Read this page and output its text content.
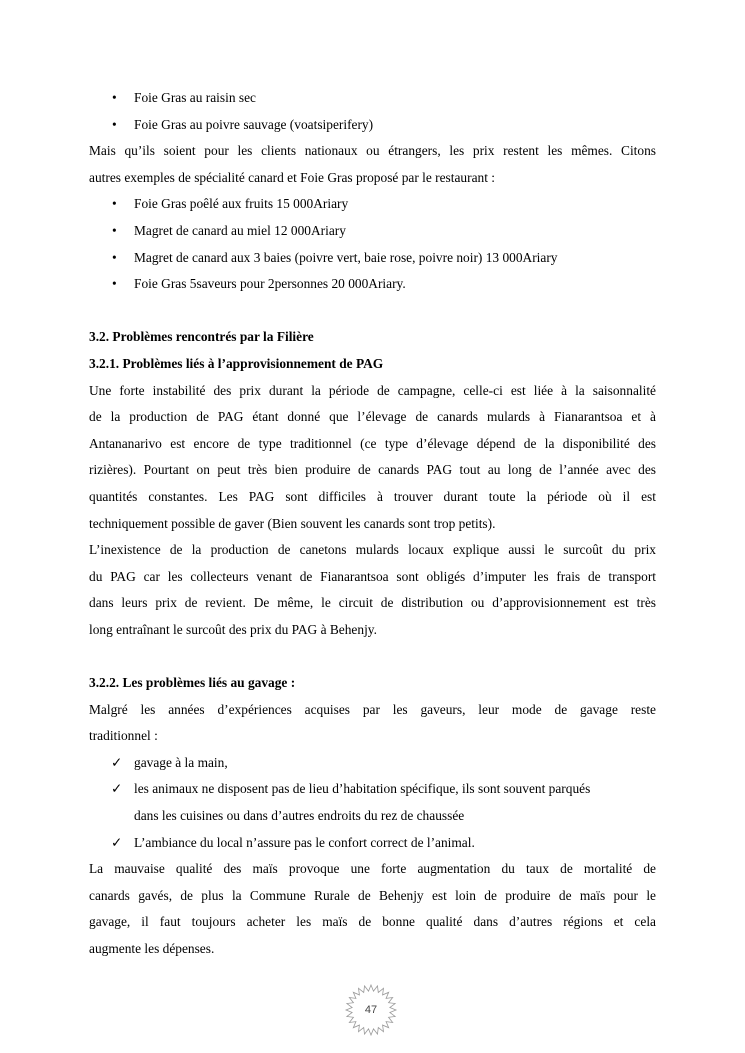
• Foie Gras au raisin sec
• Foie Gras au poivre sauvage (voatsiperifery)
Mais qu’ils soient pour les clients nationaux ou étrangers, les prix restent les mêmes. Citons
autres exemples de spécialité canard et Foie Gras proposé par le restaurant :
• Foie Gras poêlé aux fruits 15 000Ariary
• Magret de canard au miel 12 000Ariary
• Magret de canard aux 3 baies (poivre vert, baie rose, poivre noir) 13 000Ariary
• Foie Gras 5saveurs pour 2personnes 20 000Ariary.
3.2. Problèmes rencontrés par la Filière
3.2.1. Problèmes liés à l’approvisionnement de PAG
Une forte instabilité des prix durant la période de campagne, celle-ci est liée à la saisonnalité
de la production de PAG étant donné que l’élevage de canards mulards à Fianarantsoa et à
Antananarivo est encore de type traditionnel (ce type d’élevage dépend de la disponibilité des
rizières). Pourtant on peut très bien produire de canards PAG tout au long de l’année avec des
quantités constantes. Les PAG sont difficiles à trouver durant toute la période où il est
techniquement possible de gaver (Bien souvent les canards sont trop petits).
L’inexistence de la production de canetons mulards locaux explique aussi le surcoût du prix
du PAG car les collecteurs venant de Fianarantsoa sont obligés d’imputer les frais de transport
dans leurs prix de revient. De même, le circuit de distribution ou d’approvisionnement est très
long entraînant le surcoût des prix du PAG à Behenjy.
3.2.2. Les problèmes liés au gavage :
Malgré les années d’expériences acquises par les gaveurs, leur mode de gavage reste
traditionnel :
✓ gavage à la main,
✓ les animaux ne disposent pas de lieu d’habitation spécifique, ils sont souvent parqués
dans les cuisines ou dans d’autres endroits du rez de chaussée
✓ L’ambiance du local n’assure pas le confort correct de l’animal.
La mauvaise qualité des maïs provoque une forte augmentation du taux de mortalité de
canards gavés, de plus la Commune Rurale de Behenjy est loin de produire de maïs pour le
gavage, il faut toujours acheter les maïs de bonne qualité dans d’autres régions et cela
augmente les dépenses.
47
